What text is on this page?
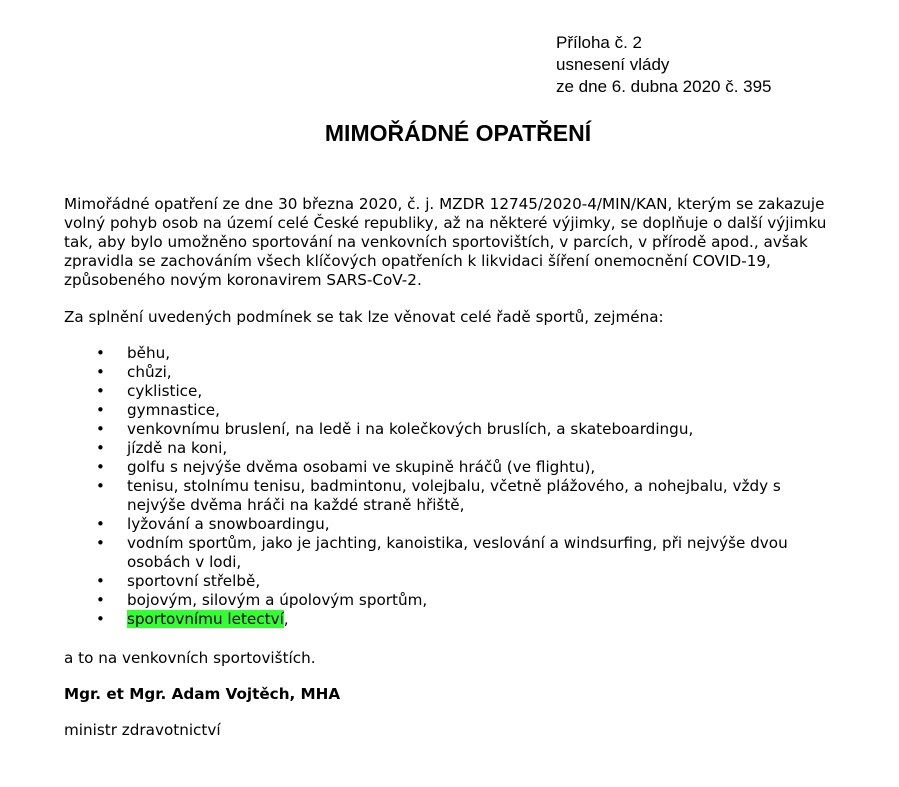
Příloha č. 2
usnesení vlády
ze dne 6. dubna 2020 č. 395
MIMOŘÁDNÉ OPATŘENÍ
Mimořádné opatření ze dne 30 března 2020, č. j. MZDR 12745/2020-4/MIN/KAN, kterým se zakazuje
volný pohyb osob na území celé České republiky, až na některé výjimky, se doplňuje o další výjimku
tak, aby bylo umožněno sportování na venkovních sportovištích, v parcích, v přírodě apod., avšak
zpravidla se zachováním všech klíčových opatřeních k likvidaci šíření onemocnění COVID-19,
způsobeného novým koronavirem SARS-CoV-2.
Za splnění uvedených podmínek se tak lze věnovat celé řadě sportů, zejména:
• běhu,
• chůzi,
• cyklistice,
• gymnastice,
• venkovnímu bruslení, na ledě i na kolečkových bruslích, a skateboardingu,
• jízdě na koni,
• golfu s nejvýše dvěma osobami ve skupině hráčů (ve flightu),
• tenisu, stolnímu tenisu, badmintonu, volejbalu, včetně plážového, a nohejbalu, vždy s
nejvýše dvěma hráči na každé straně hřiště,
• lyžování a snowboardingu,
• vodním sportům, jako je jachting, kanoistika, veslování a windsurfing, při nejvýše dvou
osobách v lodi,
• sportovní střelbě,
• bojovým, silovým a úpolovým sportům,
• sportovnímu letectví,
a to na venkovních sportovištích.
Mgr. et Mgr. Adam Vojtěch, MHA
ministr zdravotnictví
